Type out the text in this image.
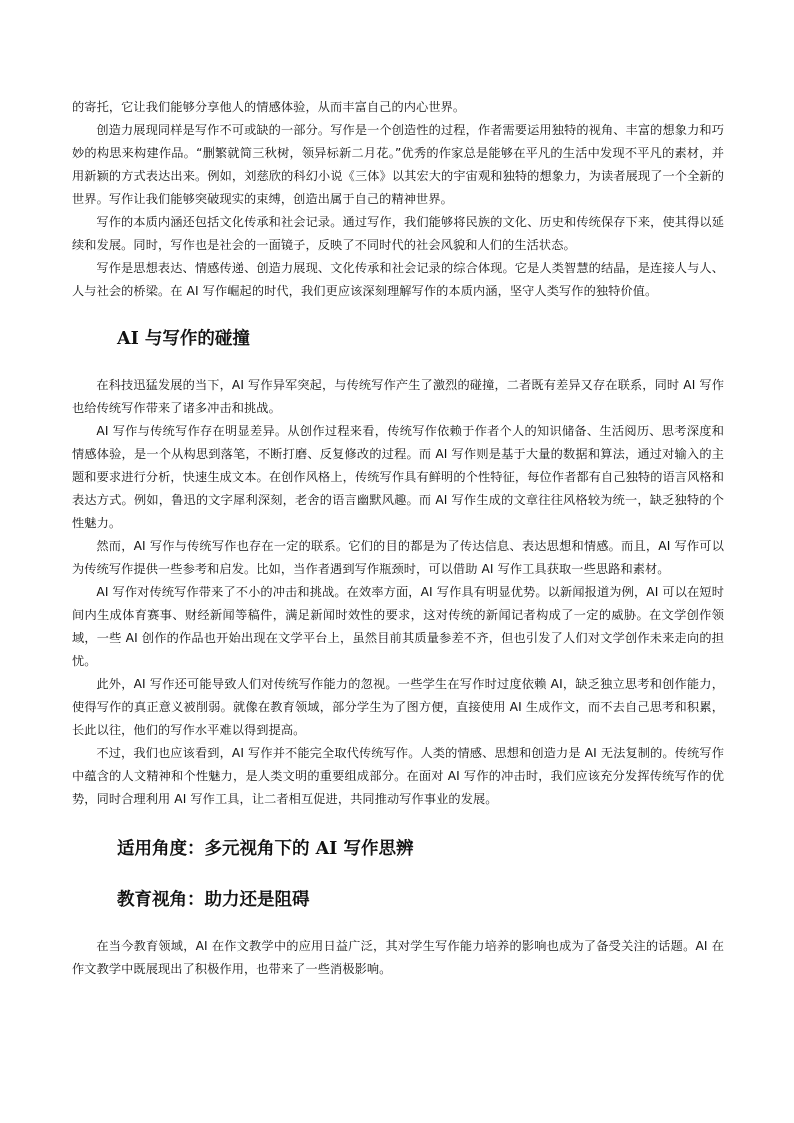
的寄托，它让我们能够分享他人的情感体验，从而丰富自己的内心世界。

创造力展现同样是写作不可或缺的一部分。写作是一个创造性的过程，作者需要运用独特的视角、丰富的想象力和巧妙的构思来构建作品。“删繁就简三秋树，领异标新二月花。”优秀的作家总是能够在平凡的生活中发现不平凡的素材，并用新颖的方式表达出来。例如，刘慈欣的科幻小说《三体》以其宏大的宇宙观和独特的想象力，为读者展现了一个全新的世界。写作让我们能够突破现实的束缚，创造出属于自己的精神世界。

写作的本质内涵还包括文化传承和社会记录。通过写作，我们能够将民族的文化、历史和传统保存下来，使其得以延续和发展。同时，写作也是社会的一面镜子，反映了不同时代的社会风貌和人们的生活状态。

写作是思想表达、情感传递、创造力展现、文化传承和社会记录的综合体现。它是人类智慧的结晶，是连接人与人、人与社会的桥梁。在 AI 写作崛起的时代，我们更应该深刻理解写作的本质内涵，坚守人类写作的独特价值。

AI 与写作的碰撞

在科技迅猛发展的当下，AI 写作异军突起，与传统写作产生了激烈的碰撞，二者既有差异又存在联系，同时 AI 写作也给传统写作带来了诸多冲击和挑战。

AI 写作与传统写作存在明显差异。从创作过程来看，传统写作依赖于作者个人的知识储备、生活阅历、思考深度和情感体验，是一个从构思到落笔，不断打磨、反复修改的过程。而 AI 写作则是基于大量的数据和算法，通过对输入的主题和要求进行分析，快速生成文本。在创作风格上，传统写作具有鲜明的个性特征，每位作者都有自己独特的语言风格和表达方式。例如，鲁迅的文字犀利深刻，老舍的语言幽默风趣。而 AI 写作生成的文章往往风格较为统一，缺乏独特的个性魅力。

然而，AI 写作与传统写作也存在一定的联系。它们的目的都是为了传达信息、表达思想和情感。而且，AI 写作可以为传统写作提供一些参考和启发。比如，当作者遇到写作瓶颈时，可以借助 AI 写作工具获取一些思路和素材。

AI 写作对传统写作带来了不小的冲击和挑战。在效率方面，AI 写作具有明显优势。以新闻报道为例，AI 可以在短时间内生成体育赛事、财经新闻等稿件，满足新闻时效性的要求，这对传统的新闻记者构成了一定的威胁。在文学创作领域，一些 AI 创作的作品也开始出现在文学平台上，虽然目前其质量参差不齐，但也引发了人们对文学创作未来走向的担忧。

此外，AI 写作还可能导致人们对传统写作能力的忽视。一些学生在写作时过度依赖 AI，缺乏独立思考和创作能力，使得写作的真正意义被削弱。就像在教育领域，部分学生为了图方便，直接使用 AI 生成作文，而不去自己思考和积累，长此以往，他们的写作水平难以得到提高。

不过，我们也应该看到，AI 写作并不能完全取代传统写作。人类的情感、思想和创造力是 AI 无法复制的。传统写作中蕴含的人文精神和个性魅力，是人类文明的重要组成部分。在面对 AI 写作的冲击时，我们应该充分发挥传统写作的优势，同时合理利用 AI 写作工具，让二者相互促进，共同推动写作事业的发展。

适用角度：多元视角下的 AI 写作思辨
教育视角：助力还是阻碍

在当今教育领域，AI 在作文教学中的应用日益广泛，其对学生写作能力培养的影响也成为了备受关注的话题。AI 在作文教学中既展现出了积极作用，也带来了一些消极影响。
